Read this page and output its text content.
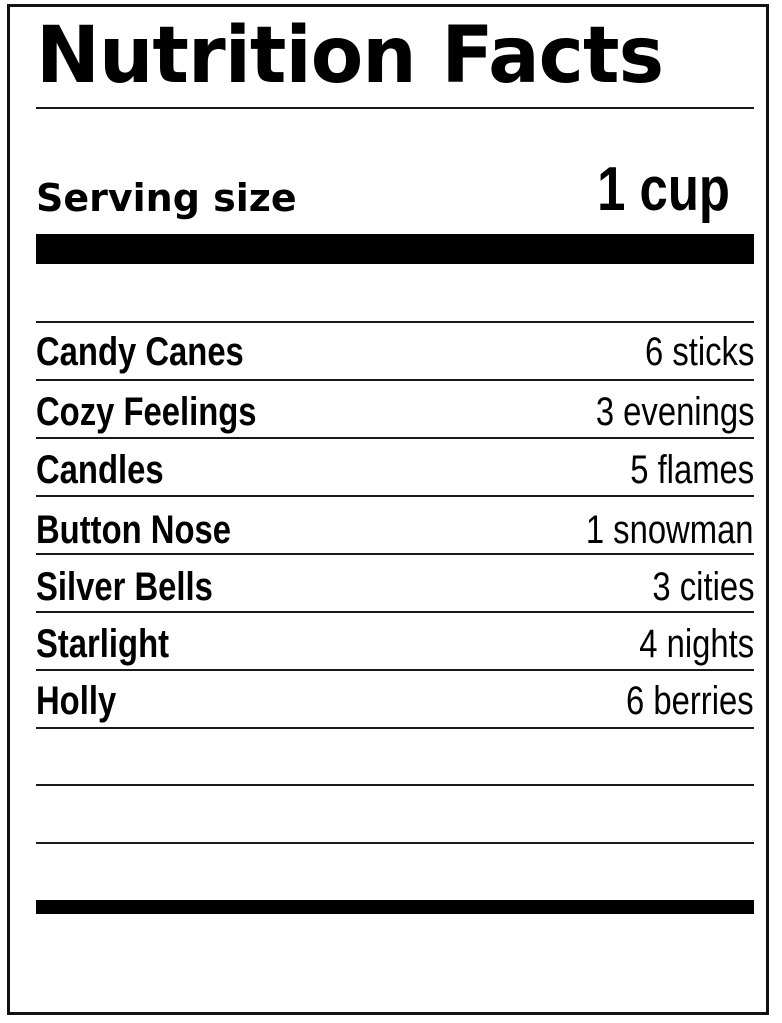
Nutrition Facts
Serving size	1 cup
Candy Canes	6 sticks
Cozy Feelings	3 evenings
Candles	5 flames
Button Nose	1 snowman
Silver Bells	3 cities
Starlight	4 nights
Holly	6 berries
